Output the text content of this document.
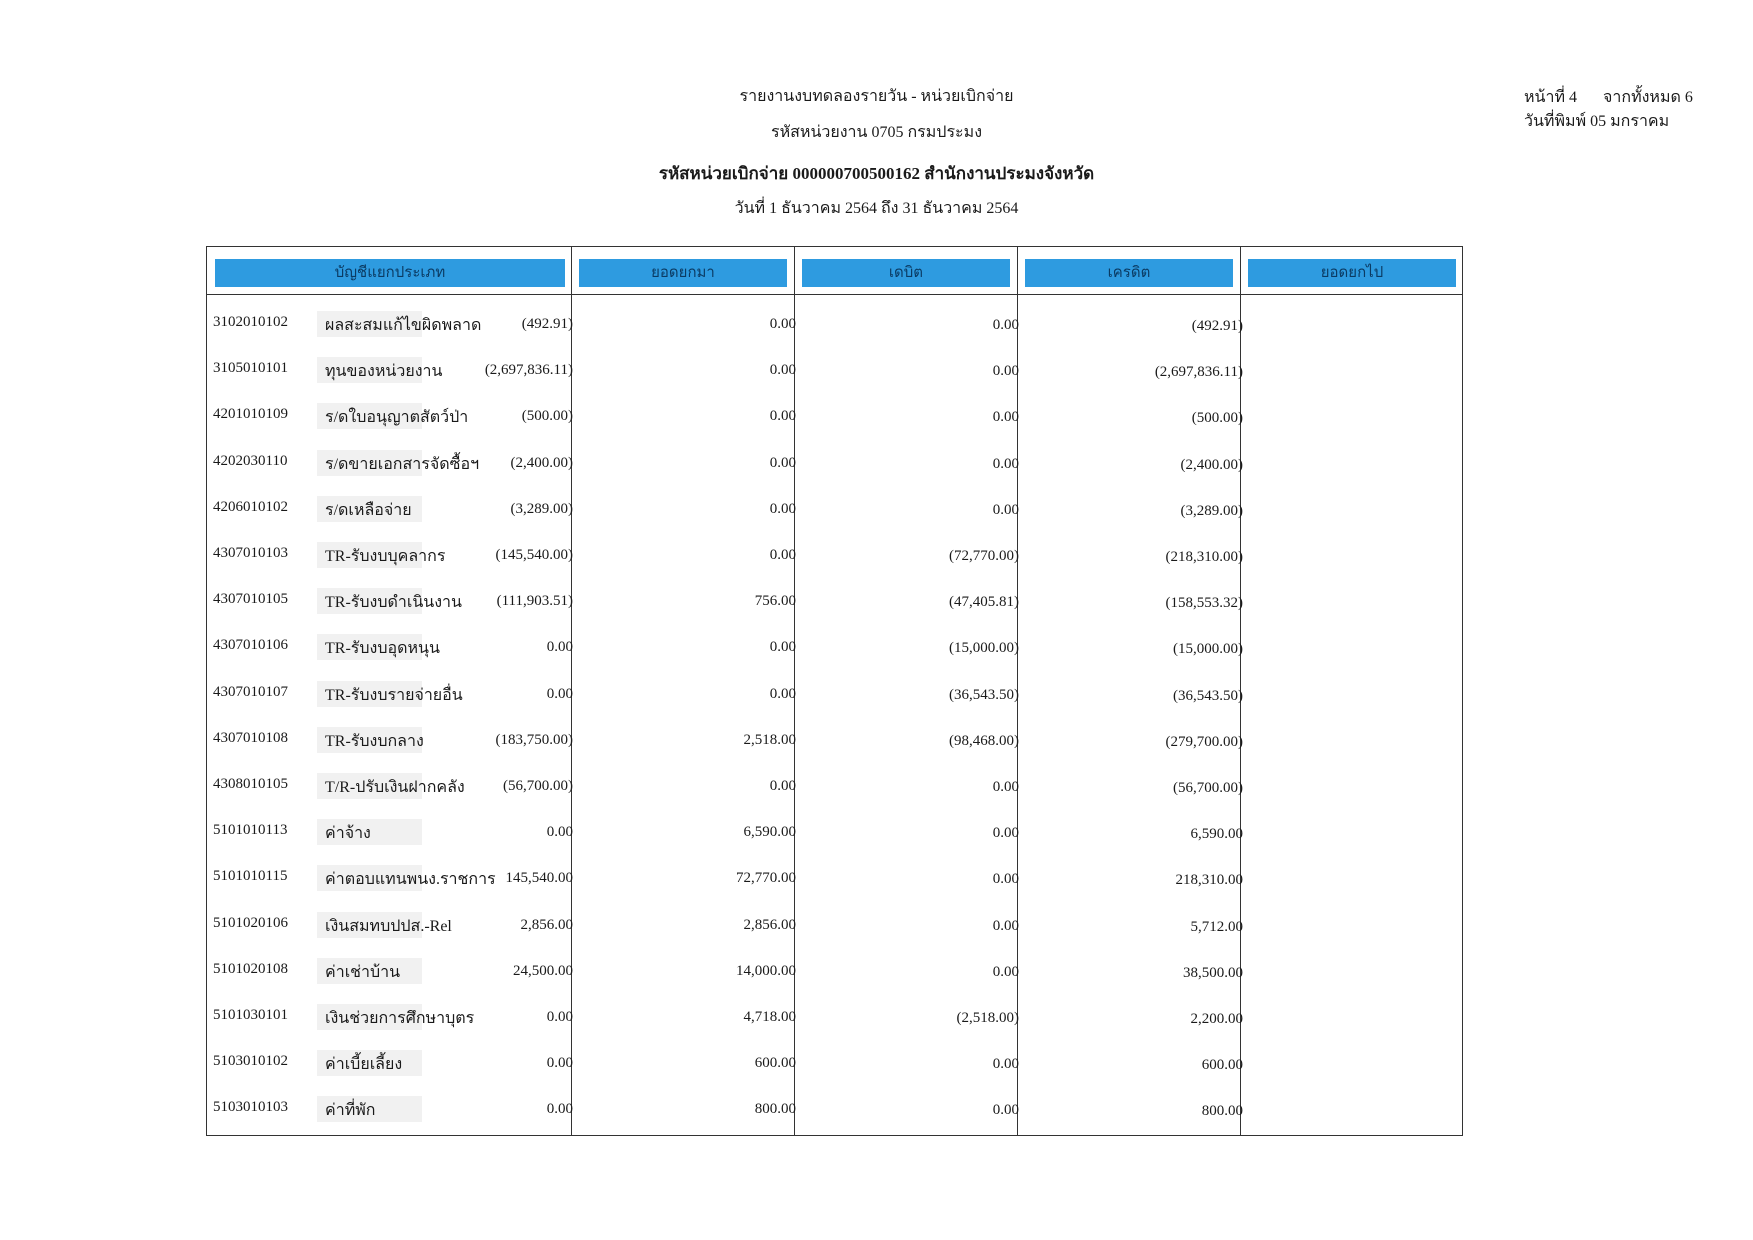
รายงานงบทดลองรายวัน - หน่วยเบิกจ่าย
รหัสหน่วยงาน 0705 กรมประมง
รหัสหน่วยเบิกจ่าย 000000700500162 สำนักงานประมงจังหวัด
วันที่ 1 ธันวาคม 2564 ถึง 31 ธันวาคม 2564
หน้าที่ 4 จากทั้งหมด 6
วันที่พิมพ์ 05 มกราคม
บัญชีแยกประเภท	ยอดยกมา	เดบิต	เครดิต	ยอดยกไป
3102010102 ผลสะสมแก้ไขผิดพลาด	(492.91)	0.00	0.00	(492.91)
3105010101 ทุนของหน่วยงาน	(2,697,836.11)	0.00	0.00	(2,697,836.11)
4201010109 ร/ดใบอนุญาตสัตว์ป่า	(500.00)	0.00	0.00	(500.00)
4202030110 ร/ดขายเอกสารจัดซื้อฯ	(2,400.00)	0.00	0.00	(2,400.00)
4206010102 ร/ดเหลือจ่าย	(3,289.00)	0.00	0.00	(3,289.00)
4307010103 TR-รับงบบุคลากร	(145,540.00)	0.00	(72,770.00)	(218,310.00)
4307010105 TR-รับงบดำเนินงาน	(111,903.51)	756.00	(47,405.81)	(158,553.32)
4307010106 TR-รับงบอุดหนุน	0.00	0.00	(15,000.00)	(15,000.00)
4307010107 TR-รับงบรายจ่ายอื่น	0.00	0.00	(36,543.50)	(36,543.50)
4307010108 TR-รับงบกลาง	(183,750.00)	2,518.00	(98,468.00)	(279,700.00)
4308010105 T/R-ปรับเงินฝากคลัง	(56,700.00)	0.00	0.00	(56,700.00)
5101010113 ค่าจ้าง	0.00	6,590.00	0.00	6,590.00
5101010115 ค่าตอบแทนพนง.ราชการ 145,540.00	72,770.00	0.00	218,310.00
5101020106 เงินสมทบปปส.-Rel	2,856.00	2,856.00	0.00	5,712.00
5101020108 ค่าเช่าบ้าน	24,500.00	14,000.00	0.00	38,500.00
5101030101 เงินช่วยการศึกษาบุตร	0.00	4,718.00	(2,518.00)	2,200.00
5103010102 ค่าเบี้ยเลี้ยง	0.00	600.00	0.00	600.00
5103010103 ค่าที่พัก	0.00	800.00	0.00	800.00
